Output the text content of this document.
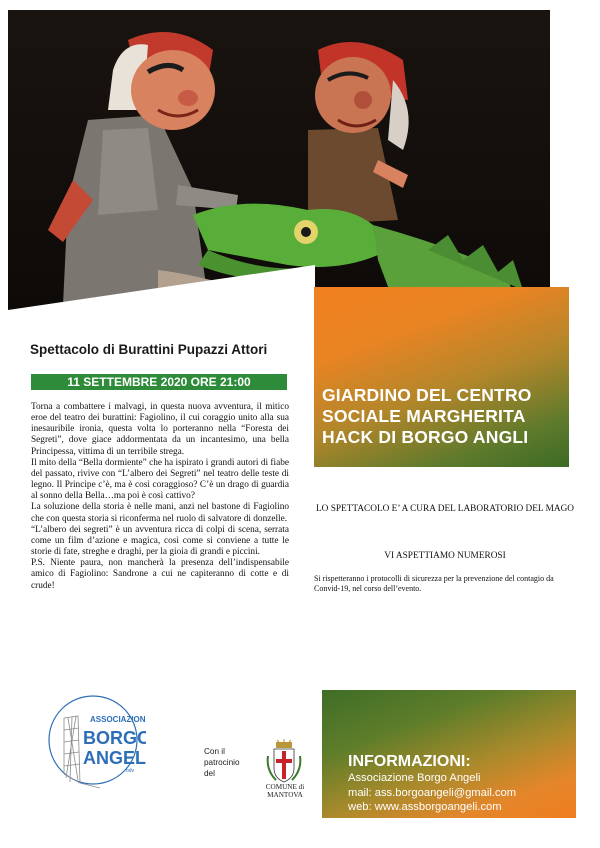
GIARDINO DEL CENTRO
SOCIALE MARGHERITA
HACK DI BORGO ANGLI
Spettacolo di Burattini Pupazzi Attori
11 SETTEMBRE 2020 ORE 21:00

Torna a combattere i malvagi, in questa nuova avventura, il mitico eroe del teatro dei burattini: Fagiolino, il cui coraggio unito alla sua inesauribile ironia, questa volta lo porteranno nella “Foresta dei Segreti”, dove giace addormentata da un incantesimo, una bella Principessa, vittima di un terribile strega.

Il mito della “Bella dormiente” che ha ispirato i grandi autori di fiabe del passato, rivive con “L’albero dei Segreti” nel teatro delle teste di legno. Il Principe c’è, ma è così coraggioso? C’è un drago di guardia al sonno della Bella…ma poi è così cattivo?

La soluzione della storia è nelle mani, anzi nel bastone di Fagiolino che con questa storia si riconferma nel ruolo di salvatore di donzelle.

“L’albero dei segreti” è un avventura ricca di colpi di scena, serrata come un film d’azione e magica, così come si conviene a tutte le storie di fate, streghe e draghi, per la gioia di grandi e piccini.

P.S. Niente paura, non mancherà la presenza dell’indispensabile amico di Fagiolino: Sandrone a cui ne capiteranno di cotte e di crude!

LO SPETTACOLO E’ A CURA DEL LABORATORIO DEL MAGO
VI ASPETTIAMO NUMEROSI
Si rispetteranno i protocolli di sicurezza per la prevenzione del contagio da Convid-19, nel corso dell’evento.
ASSOCIAZIONE
BORGO
ANGELI
odv
Con il
patrocinio
del
COMUNE di
MANTOVA
INFORMAZIONI:
Associazione Borgo Angeli
mail: ass.borgoangeli@gmail.com
web: www.assborgoangeli.com
